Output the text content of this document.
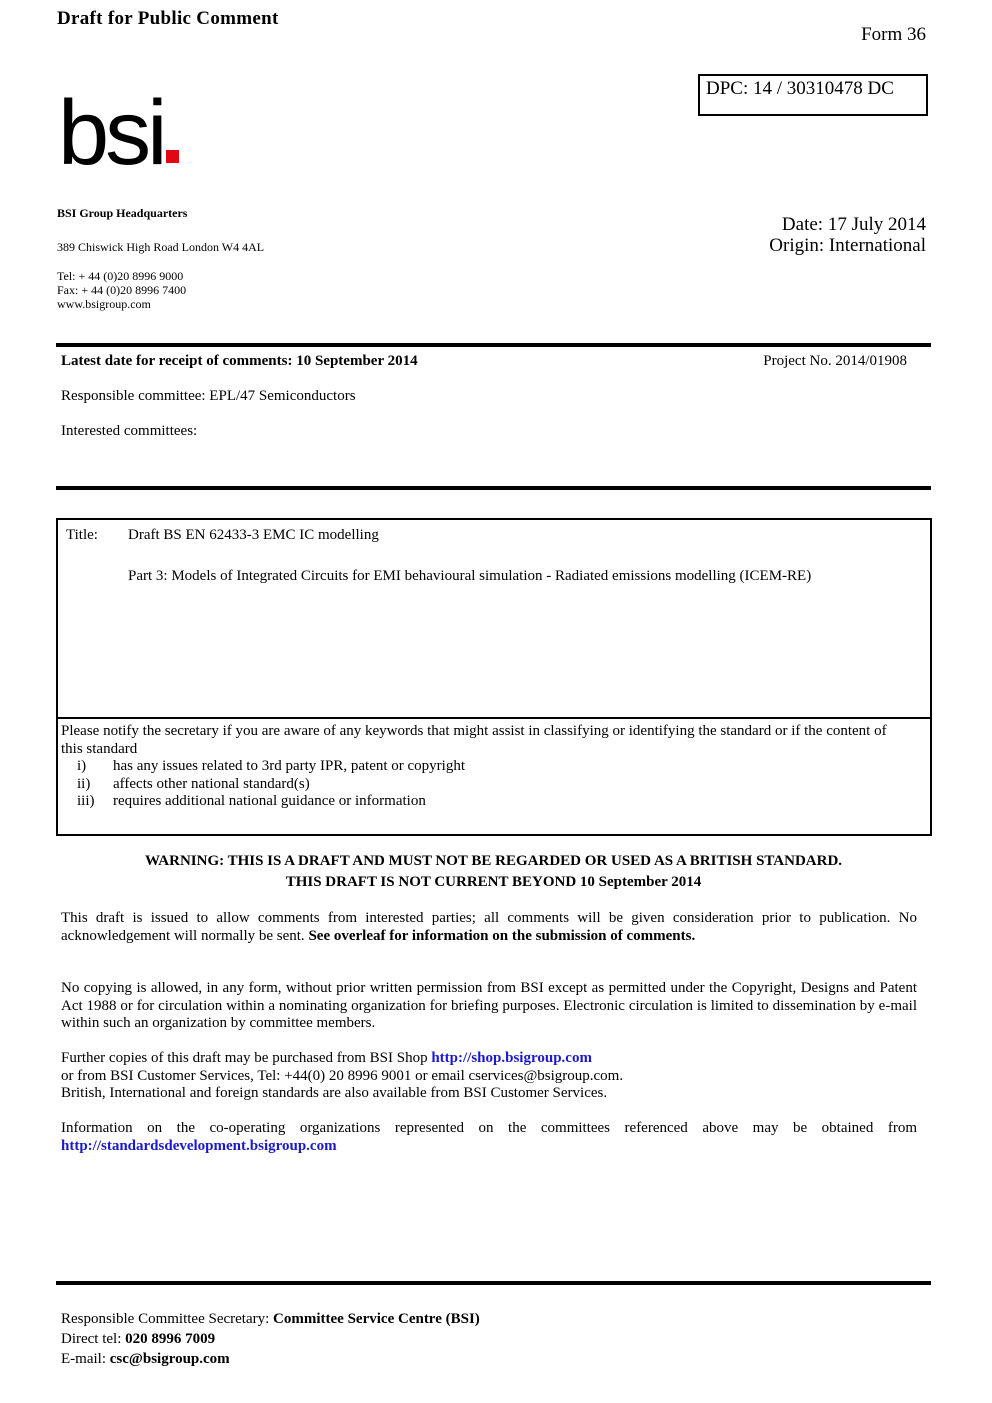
Draft for Public Comment
Form 36
DPC: 14 / 30310478 DC
bsi
BSI Group Headquarters
389 Chiswick High Road London W4 4AL
Tel: + 44 (0)20 8996 9000
Fax: + 44 (0)20 8996 7400
www.bsigroup.com
Date: 17 July 2014
Origin: International
Latest date for receipt of comments: 10 September 2014	Project No. 2014/01908
Responsible committee: EPL/47 Semiconductors
Interested committees:
Title: Draft BS EN 62433-3 EMC IC modelling
Part 3: Models of Integrated Circuits for EMI behavioural simulation - Radiated emissions modelling (ICEM-RE)
Please notify the secretary if you are aware of any keywords that might assist in classifying or identifying the standard or if the content of this standard
i) has any issues related to 3rd party IPR, patent or copyright
ii) affects other national standard(s)
iii) requires additional national guidance or information
WARNING: THIS IS A DRAFT AND MUST NOT BE REGARDED OR USED AS A BRITISH STANDARD.
THIS DRAFT IS NOT CURRENT BEYOND 10 September 2014
This draft is issued to allow comments from interested parties; all comments will be given consideration prior to publication. No acknowledgement will normally be sent. See overleaf for information on the submission of comments.
No copying is allowed, in any form, without prior written permission from BSI except as permitted under the Copyright, Designs and Patent Act 1988 or for circulation within a nominating organization for briefing purposes. Electronic circulation is limited to dissemination by e-mail within such an organization by committee members.
Further copies of this draft may be purchased from BSI Shop http://shop.bsigroup.com
or from BSI Customer Services, Tel: +44(0) 20 8996 9001 or email cservices@bsigroup.com.
British, International and foreign standards are also available from BSI Customer Services.
Information on the co-operating organizations represented on the committees referenced above may be obtained from http://standardsdevelopment.bsigroup.com
Responsible Committee Secretary: Committee Service Centre (BSI)
Direct tel: 020 8996 7009
E-mail: csc@bsigroup.com
